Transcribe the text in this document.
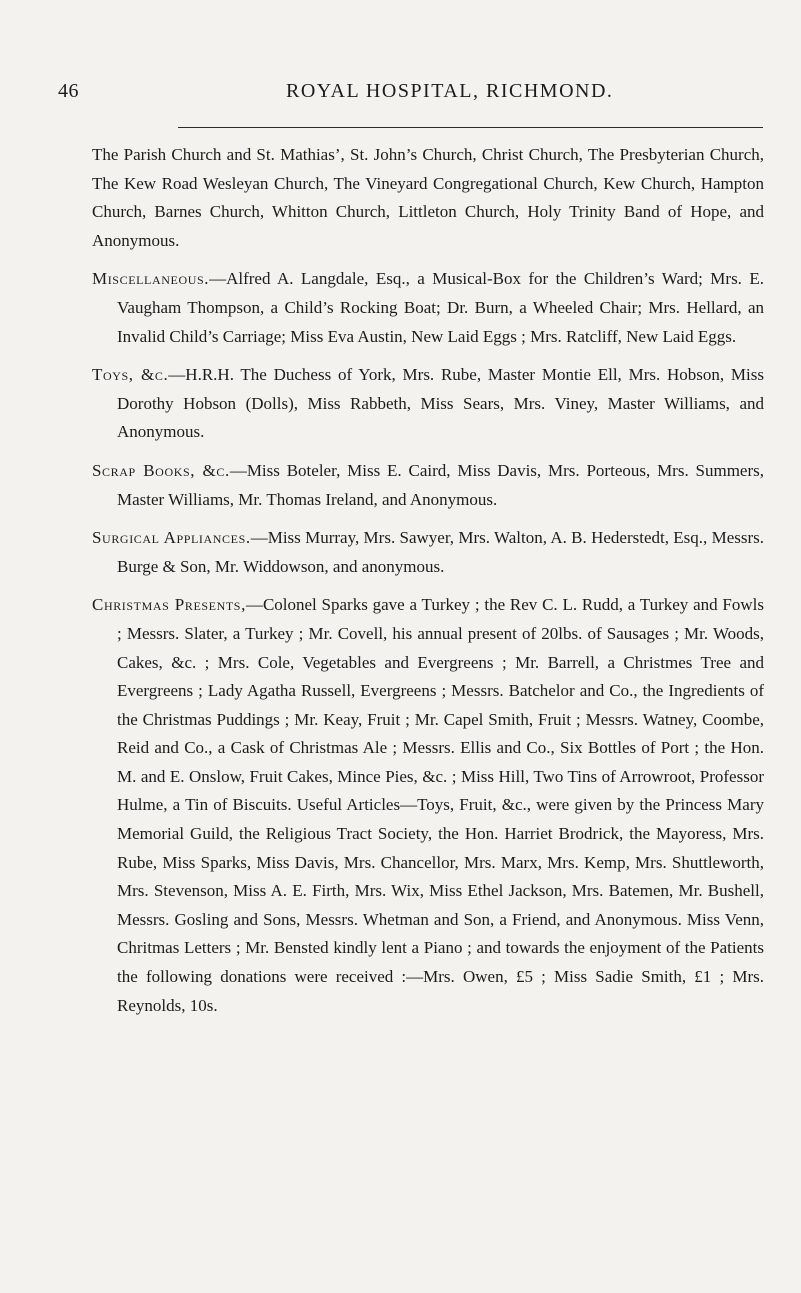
46	ROYAL HOSPITAL, RICHMOND.

The Parish Church and St. Mathias’, St. John’s Church, Christ Church, The Presbyterian Church, The Kew Road Wesleyan Church, The Vineyard Congregational Church, Kew Church, Hampton Church, Barnes Church, Whitton Church, Littleton Church, Holy Trinity Band of Hope, and Anonymous.

Miscellaneous.—Alfred A. Langdale, Esq., a Musical-Box for the Children’s Ward; Mrs. E. Vaugham Thompson, a Child’s Rocking Boat; Dr. Burn, a Wheeled Chair; Mrs. Hellard, an Invalid Child’s Carriage; Miss Eva Austin, New Laid Eggs ; Mrs. Ratcliff, New Laid Eggs.

Toys, &c.—H.R.H. The Duchess of York, Mrs. Rube, Master Montie Ell, Mrs. Hobson, Miss Dorothy Hobson (Dolls), Miss Rabbeth, Miss Sears, Mrs. Viney, Master Williams, and Anonymous.

Scrap Books, &c.—Miss Boteler, Miss E. Caird, Miss Davis, Mrs. Porteous, Mrs. Summers, Master Williams, Mr. Thomas Ireland, and Anonymous.

Surgical Appliances.—Miss Murray, Mrs. Sawyer, Mrs. Walton, A. B. Hederstedt, Esq., Messrs. Burge & Son, Mr. Widdowson, and anonymous.

Christmas Presents,—Colonel Sparks gave a Turkey ; the Rev C. L. Rudd, a Turkey and Fowls ; Messrs. Slater, a Turkey ; Mr. Covell, his annual present of 20lbs. of Sausages ; Mr. Woods, Cakes, &c. ; Mrs. Cole, Vegetables and Evergreens ; Mr. Barrell, a Christmes Tree and Evergreens ; Lady Agatha Russell, Evergreens ; Messrs. Batchelor and Co., the Ingredients of the Christmas Puddings ; Mr. Keay, Fruit ; Mr. Capel Smith, Fruit ; Messrs. Watney, Coombe, Reid and Co., a Cask of Christmas Ale ; Messrs. Ellis and Co., Six Bottles of Port ; the Hon. M. and E. Onslow, Fruit Cakes, Mince Pies, &c. ; Miss Hill, Two Tins of Arrowroot, Professor Hulme, a Tin of Biscuits. Useful Articles—Toys, Fruit, &c., were given by the Princess Mary Memorial Guild, the Religious Tract Society, the Hon. Harriet Brodrick, the Mayoress, Mrs. Rube, Miss Sparks, Miss Davis, Mrs. Chancellor, Mrs. Marx, Mrs. Kemp, Mrs. Shuttleworth, Mrs. Stevenson, Miss A. E. Firth, Mrs. Wix, Miss Ethel Jackson, Mrs. Batemen, Mr. Bushell, Messrs. Gosling and Sons, Messrs. Whetman and Son, a Friend, and Anonymous. Miss Venn, Chritmas Letters ; Mr. Bensted kindly lent a Piano ; and towards the enjoyment of the Patients the following donations were received :—Mrs. Owen, £5 ; Miss Sadie Smith, £1 ; Mrs. Reynolds, 10s.
